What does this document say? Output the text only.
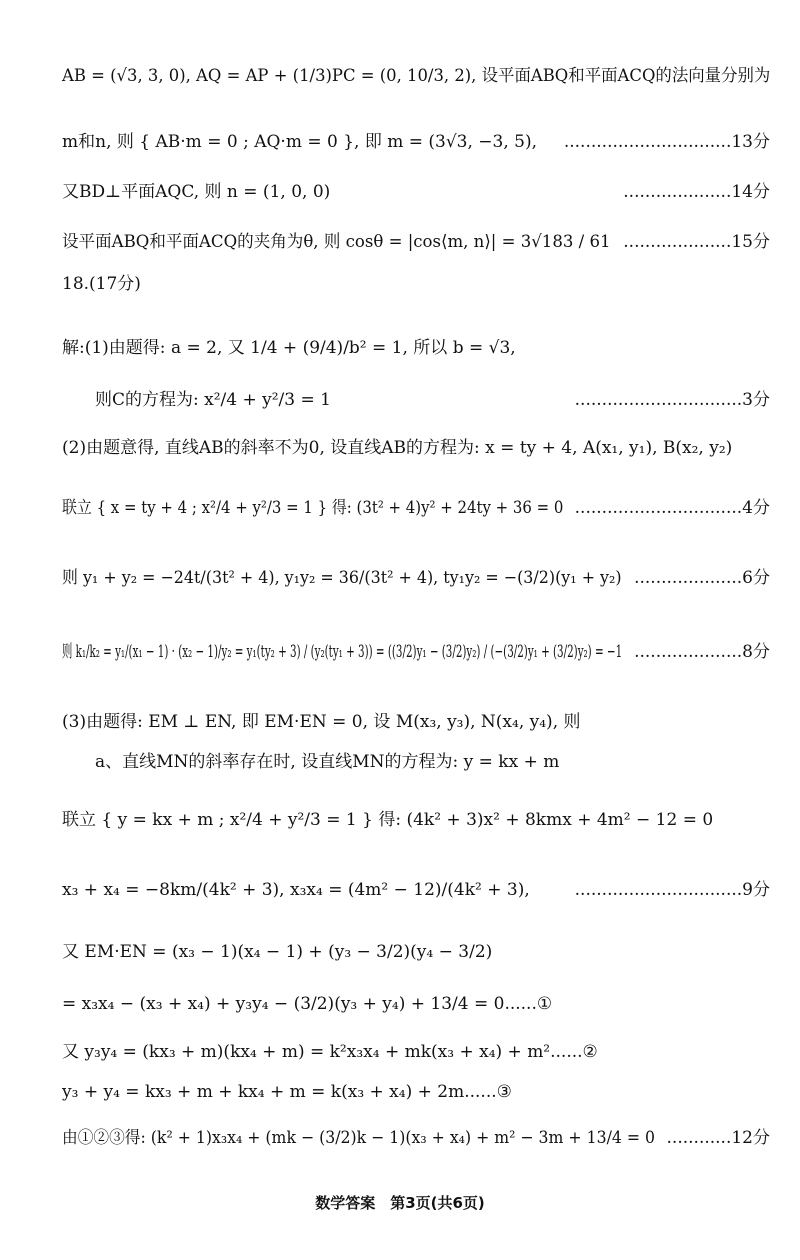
AB = (√3, 3, 0), AQ = AP + (1/3)PC = (0, 10/3, 2), 设平面ABQ和平面ACQ的法向量分别为
m和n, 则 { AB·m = 0 ; AQ·m = 0 }, 即 m = (3√3, −3, 5), ...............................13分
又BD⊥平面AQC, 则 n = (1, 0, 0)	....................14分
设平面ABQ和平面ACQ的夹角为θ, 则 cosθ = |cos⟨m, n⟩| = 3√183 / 61 ....................15分
18.(17分)
解:(1)由题得: a = 2, 又 1/4 + (9/4)/b² = 1, 所以 b = √3,
则C的方程为: x²/4 + y²/3 = 1	...............................3分
(2)由题意得, 直线AB的斜率不为0, 设直线AB的方程为: x = ty + 4, A(x₁, y₁), B(x₂, y₂)
联立 { x = ty + 4 ; x²/4 + y²/3 = 1 } 得: (3t² + 4)y² + 24ty + 36 = 0 ...............................4分
则 y₁ + y₂ = −24t/(3t² + 4), y₁y₂ = 36/(3t² + 4), ty₁y₂ = −(3/2)(y₁ + y₂) ....................6分
则 k₁/k₂ = y₁/(x₁ − 1) · (x₂ − 1)/y₂ = y₁(ty₂ + 3) / (y₂(ty₁ + 3)) = ((3/2)y₁ − (3/2)y₂) / (−(3/2)y₁ + (3/2)y₂) = −1 ....................8分
(3)由题得: EM ⊥ EN, 即 EM·EN = 0, 设 M(x₃, y₃), N(x₄, y₄), 则
a、直线MN的斜率存在时, 设直线MN的方程为: y = kx + m
联立 { y = kx + m ; x²/4 + y²/3 = 1 } 得: (4k² + 3)x² + 8kmx + 4m² − 12 = 0
x₃ + x₄ = −8km/(4k² + 3), x₃x₄ = (4m² − 12)/(4k² + 3),	...............................9分
又 EM·EN = (x₃ − 1)(x₄ − 1) + (y₃ − 3/2)(y₄ − 3/2)
= x₃x₄ − (x₃ + x₄) + y₃y₄ − (3/2)(y₃ + y₄) + 13/4 = 0......①
又 y₃y₄ = (kx₃ + m)(kx₄ + m) = k²x₃x₄ + mk(x₃ + x₄) + m²......②
y₃ + y₄ = kx₃ + m + kx₄ + m = k(x₃ + x₄) + 2m......③
由①②③得: (k² + 1)x₃x₄ + (mk − (3/2)k − 1)(x₃ + x₄) + m² − 3m + 13/4 = 0 ............12分
数学答案　第3页(共6页)
